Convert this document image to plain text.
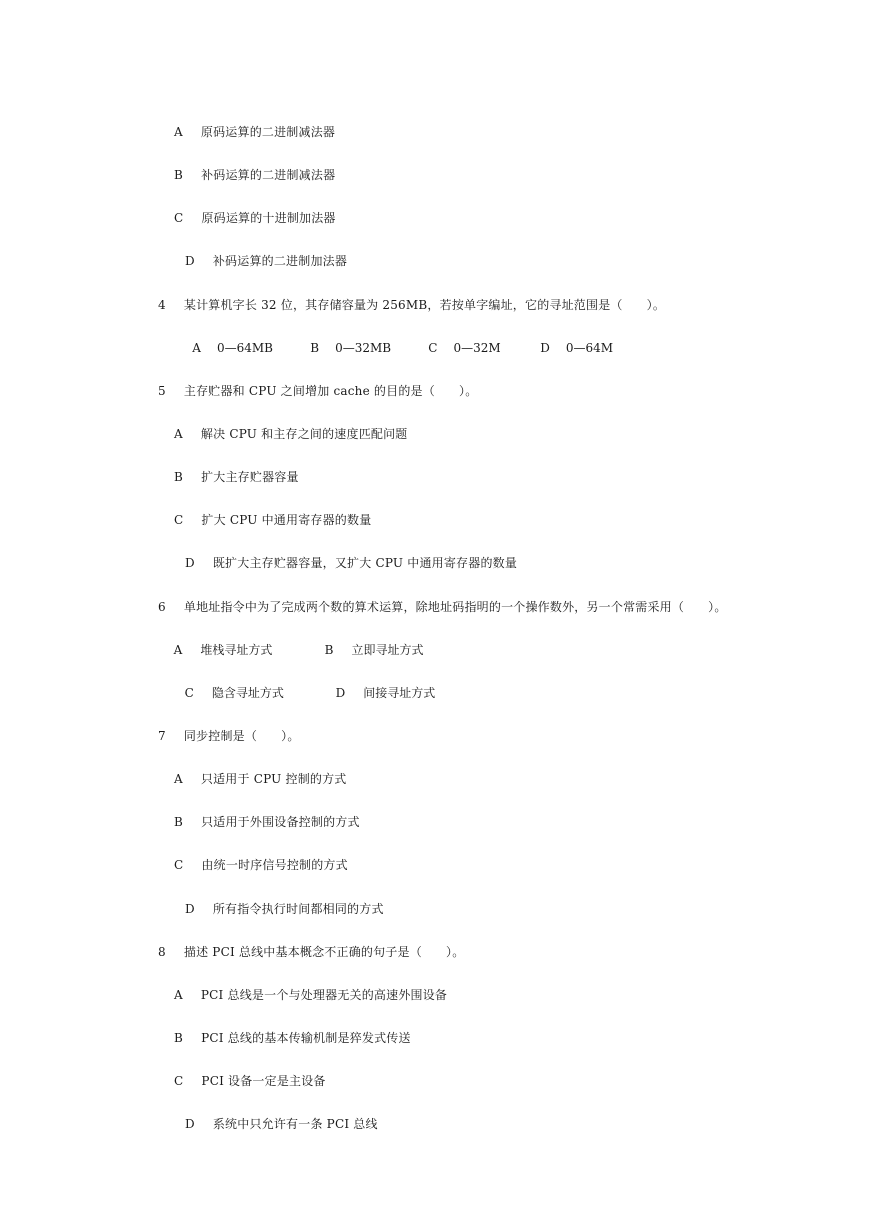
A 原码运算的二进制减法器

B 补码运算的二进制减法器

C 原码运算的十进制加法器

D 补码运算的二进制加法器

4 某计算机字长 32 位，其存储容量为 256MB，若按单字编址，它的寻址范围是（      ）。

A 0—64MB
	B 0—32MB
	C 0—32M
	D 0—64M

5 主存贮器和 CPU 之间增加 cache 的目的是（      ）。

A 解决 CPU 和主存之间的速度匹配问题

B 扩大主存贮器容量

C 扩大 CPU 中通用寄存器的数量

D 既扩大主存贮器容量，又扩大 CPU 中通用寄存器的数量

6 单地址指令中为了完成两个数的算术运算，除地址码指明的一个操作数外，另一个常需采用（      ）。

A 堆栈寻址方式	B 立即寻址方式

C 隐含寻址方式	D 间接寻址方式

7 同步控制是（      ）。

A 只适用于 CPU 控制的方式

B 只适用于外围设备控制的方式

C 由统一时序信号控制的方式

D 所有指令执行时间都相同的方式

8 描述 PCI 总线中基本概念不正确的句子是（      ）。

A PCI 总线是一个与处理器无关的高速外围设备

B PCI 总线的基本传输机制是猝发式传送

C PCI 设备一定是主设备

D 系统中只允许有一条 PCI 总线
